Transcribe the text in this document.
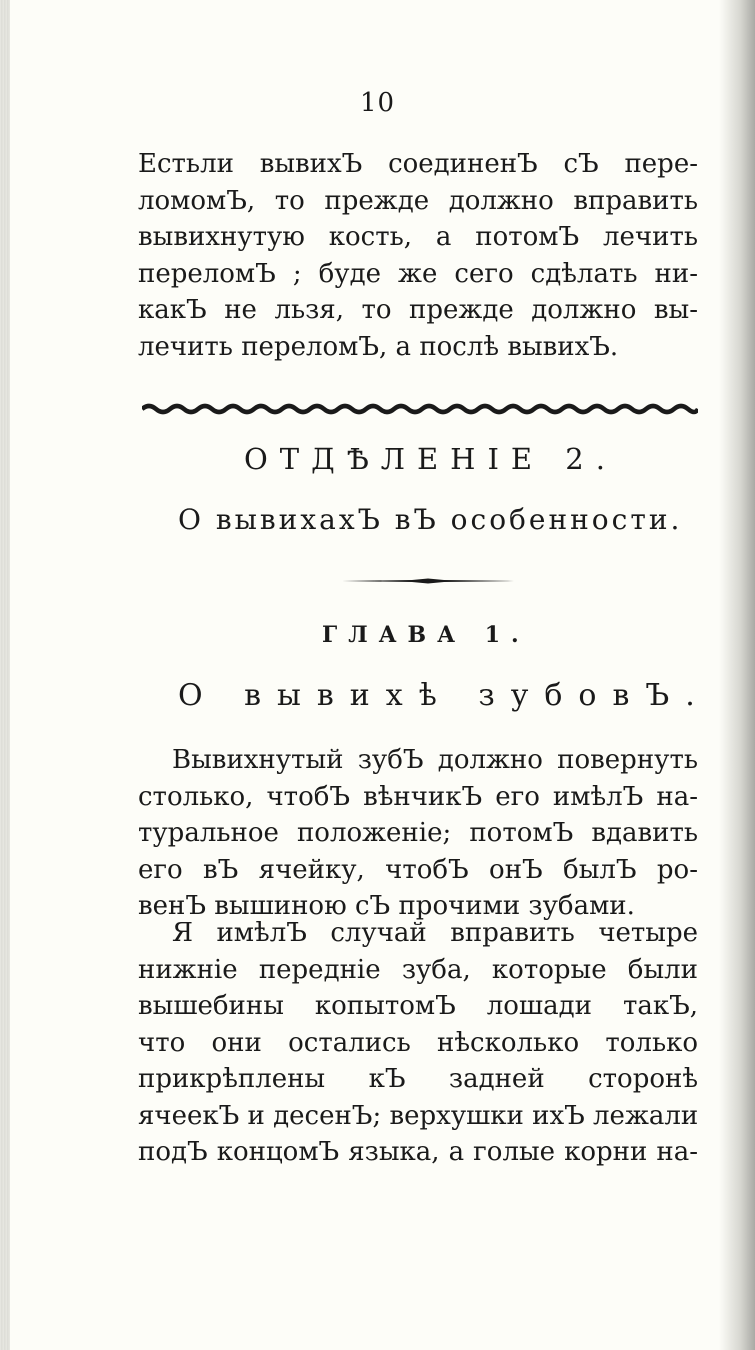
10
Естьли вывихЪ соединенЪ сЪ пере-
ломомЪ, то прежде должно вправить
вывихнутую кость, а потомЪ лечить
переломЪ ; буде же сего сдѣлать ни-
какЪ не льзя, то прежде должно вы-
лечить переломЪ, а послѣ вывихЪ.
ОТДѢЛЕНІЕ 2.
О вывихахЪ вЪ особенности.
ГЛАВА 1.
О вывихѣ зубовЪ.
Вывихнутый зубЪ должно повернуть
столько, чтобЪ вѣнчикЪ его имѣлЪ на-
туральное положеніе; потомЪ вдавить
его вЪ ячейку, чтобЪ онЪ былЪ ро-
венЪ вышиною сЪ прочими зубами.
Я имѣлЪ случай вправить четыре
нижніе передніе зуба, которые были
вышебины копытомЪ лошади такЪ,
что они остались нѣсколько только
прикрѣплены кЪ задней сторонѣ
ячеекЪ и десенЪ; верхушки ихЪ лежали
подЪ концомЪ языка, а голые корни на-
